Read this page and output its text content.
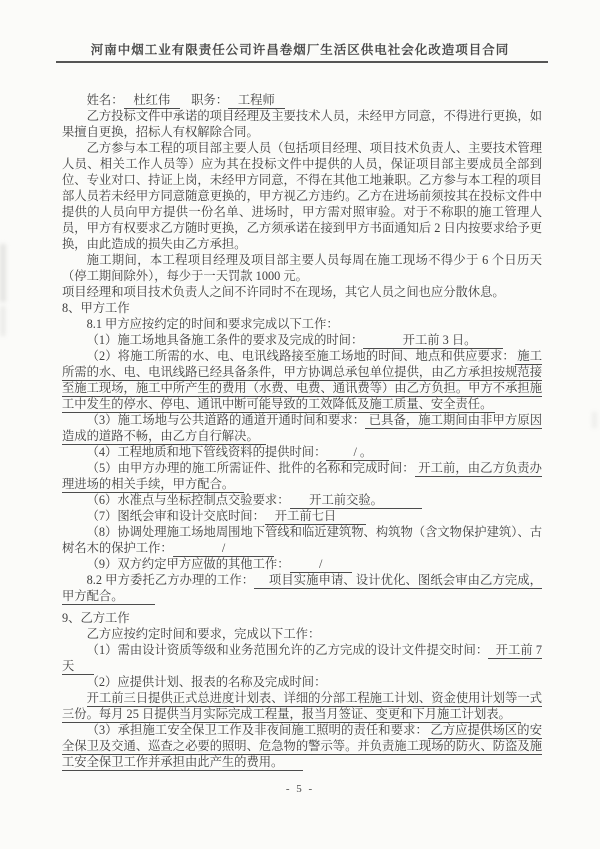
河南中烟工业有限责任公司许昌卷烟厂生活区供电社会化改造项目合同

姓名： 杜红伟 职务： 工程师

乙方投标文件中承诺的项目经理及主要技术人员，未经甲方同意，不得进行更换，如果擅自更换，招标人有权解除合同。

乙方参与本工程的项目部主要人员（包括项目经理、项目技术负责人、主要技术管理人员、相关工作人员等）应为其在投标文件中提供的人员，保证项目部主要成员全部到位、专业对口、持证上岗，未经甲方同意，不得在其他工地兼职。乙方参与本工程的项目部人员若未经甲方同意随意更换的，甲方视乙方违约。乙方在进场前须按其在投标文件中提供的人员向甲方提供一份名单、进场时，甲方需对照审验。对于不称职的施工管理人员，甲方有权要求乙方随时更换，乙方须承诺在接到甲方书面通知后 2 日内按要求给予更换，由此造成的损失由乙方承担。

施工期间，本工程项目经理及项目部主要人员每周在施工现场不得少于 6 个日历天（停工期间除外），每少于一天罚款 1000 元。

项目经理和项目技术负责人之间不许同时不在现场，其它人员之间也应分散休息。

8、甲方工作

8.1 甲方应按约定的时间和要求完成以下工作：

（1）施工场地具备施工条件的要求及完成的时间：	开工前 3 日。

（2）将施工所需的水、电、电讯线路接至施工场地的时间、地点和供应要求： 施工所需的水、电、电讯线路已经具备条件，甲方协调总承包单位提供，由乙方承担按规范接至施工现场，施工中所产生的费用（水费、电费、通讯费等）由乙方负担。甲方不承担施工中发生的停水、停电、通讯中断可能导致的工效降低及施工质量、安全责任。

（3）施工场地与公共道路的通道开通时间和要求： 已具备，施工期间由非甲方原因造成的道路不畅，由乙方自行解决。

（4）工程地质和地下管线资料的提供时间： / 。

（5）由甲方办理的施工所需证件、批件的名称和完成时间： 开工前，由乙方负责办理进场的相关手续，甲方配合。

（6）水准点与坐标控制点交验要求： 开工前交验。

（7）图纸会审和设计交底时间： 开工前七日

（8）协调处理施工场地周围地下管线和临近建筑物、构筑物（含文物保护建筑）、古树名木的保护工作：	/

（9）双方约定甲方应做的其他工作： /

8.2 甲方委托乙方办理的工作： 项目实施申请、设计优化、图纸会审由乙方完成，甲方配合。

9、乙方工作

乙方应按约定时间和要求，完成以下工作：

（1）需由设计资质等级和业务范围允许的乙方完成的设计文件提交时间： 开工前 7 天

（2）应提供计划、报表的名称及完成时间：

开工前三日提供正式总进度计划表、详细的分部工程施工计划、资金使用计划等一式三份。每月 25 日提供当月实际完成工程量，报当月签证、变更和下月施工计划表。

（3）承担施工安全保卫工作及非夜间施工照明的责任和要求： 乙方应提供场区的安全保卫及交通、巡查之必要的照明、危急物的警示等。并负责施工现场的防火、防盗及施工安全保卫工作并承担由此产生的费用。

- 5 -
